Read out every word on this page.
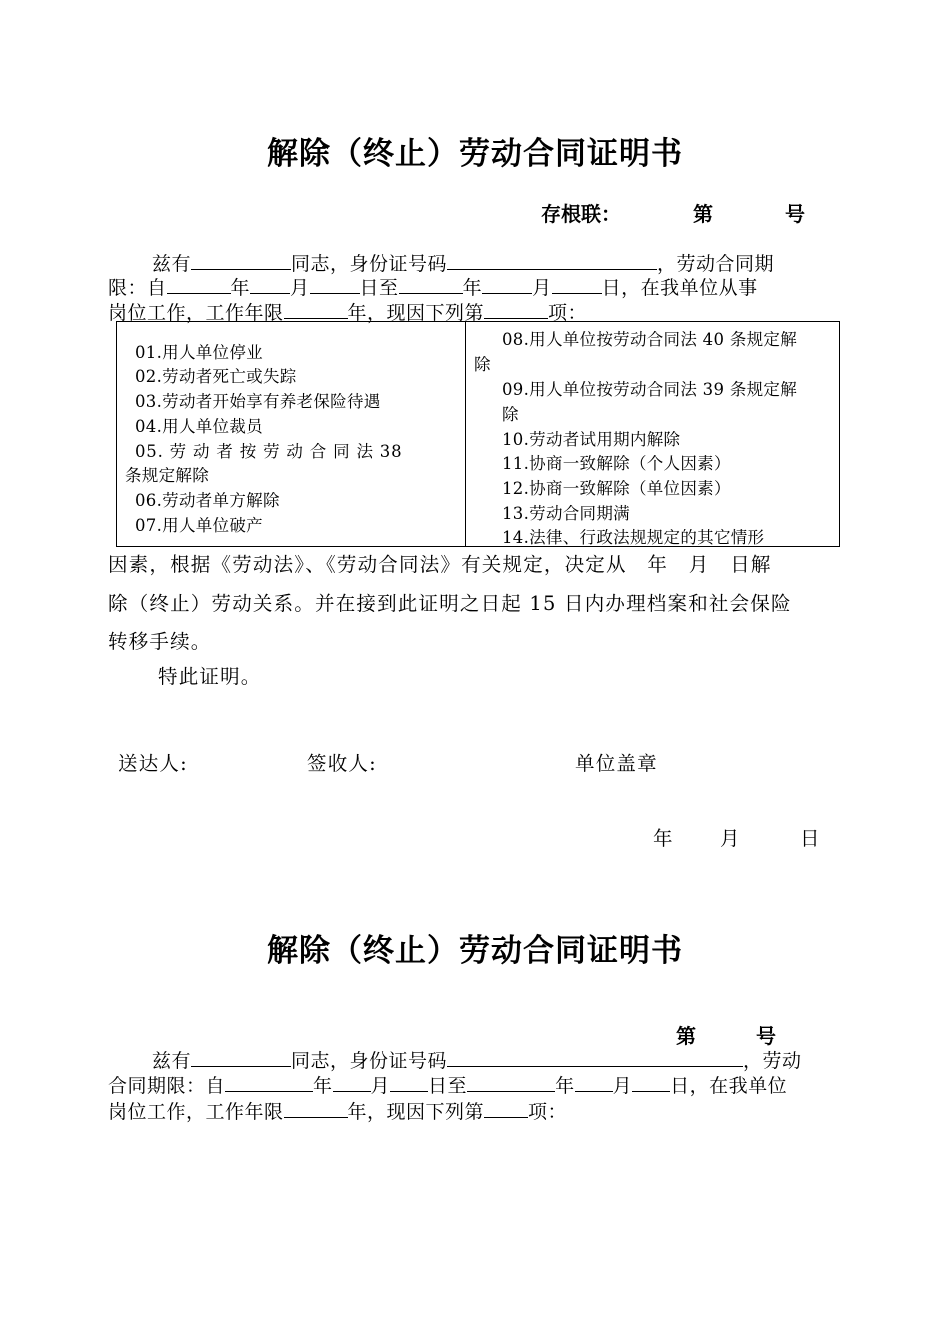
解除（终止）劳动合同证明书
存根联：	第	号
兹有	同志，身份证号码	，劳动合同期
限：自	年 月	日至	年	月	日，在我单位从事
岗位工作，工作年限	年，现因下列第	项：
01.用人单位停业
02.劳动者死亡或失踪
03.劳动者开始享有养老保险待遇
04.用人单位裁员
05. 劳 动 者 按 劳 动 合 同 法 38
条规定解除
06.劳动者单方解除
07.用人单位破产
08.用人单位按劳动合同法 40 条规定解
除
09.用人单位按劳动合同法 39 条规定解
除
10.劳动者试用期内解除
11.协商一致解除（个人因素）
12.协商一致解除（单位因素）
13.劳动合同期满
14.法律、行政法规规定的其它情形
因素，根据《劳动法》、《劳动合同法》有关规定，决定从　年　月　日解
除（终止）劳动关系。并在接到此证明之日起 15 日内办理档案和社会保险
转移手续。
特此证明。
送达人:	签收人:	单位盖章
年 月	日
解除（终止）劳动合同证明书
第	号
兹有	同志，身份证号码	，劳动
合同期限：自	年 月 日至	年 月 日，在我单位
岗位工作，工作年限	年，现因下列第 项：
